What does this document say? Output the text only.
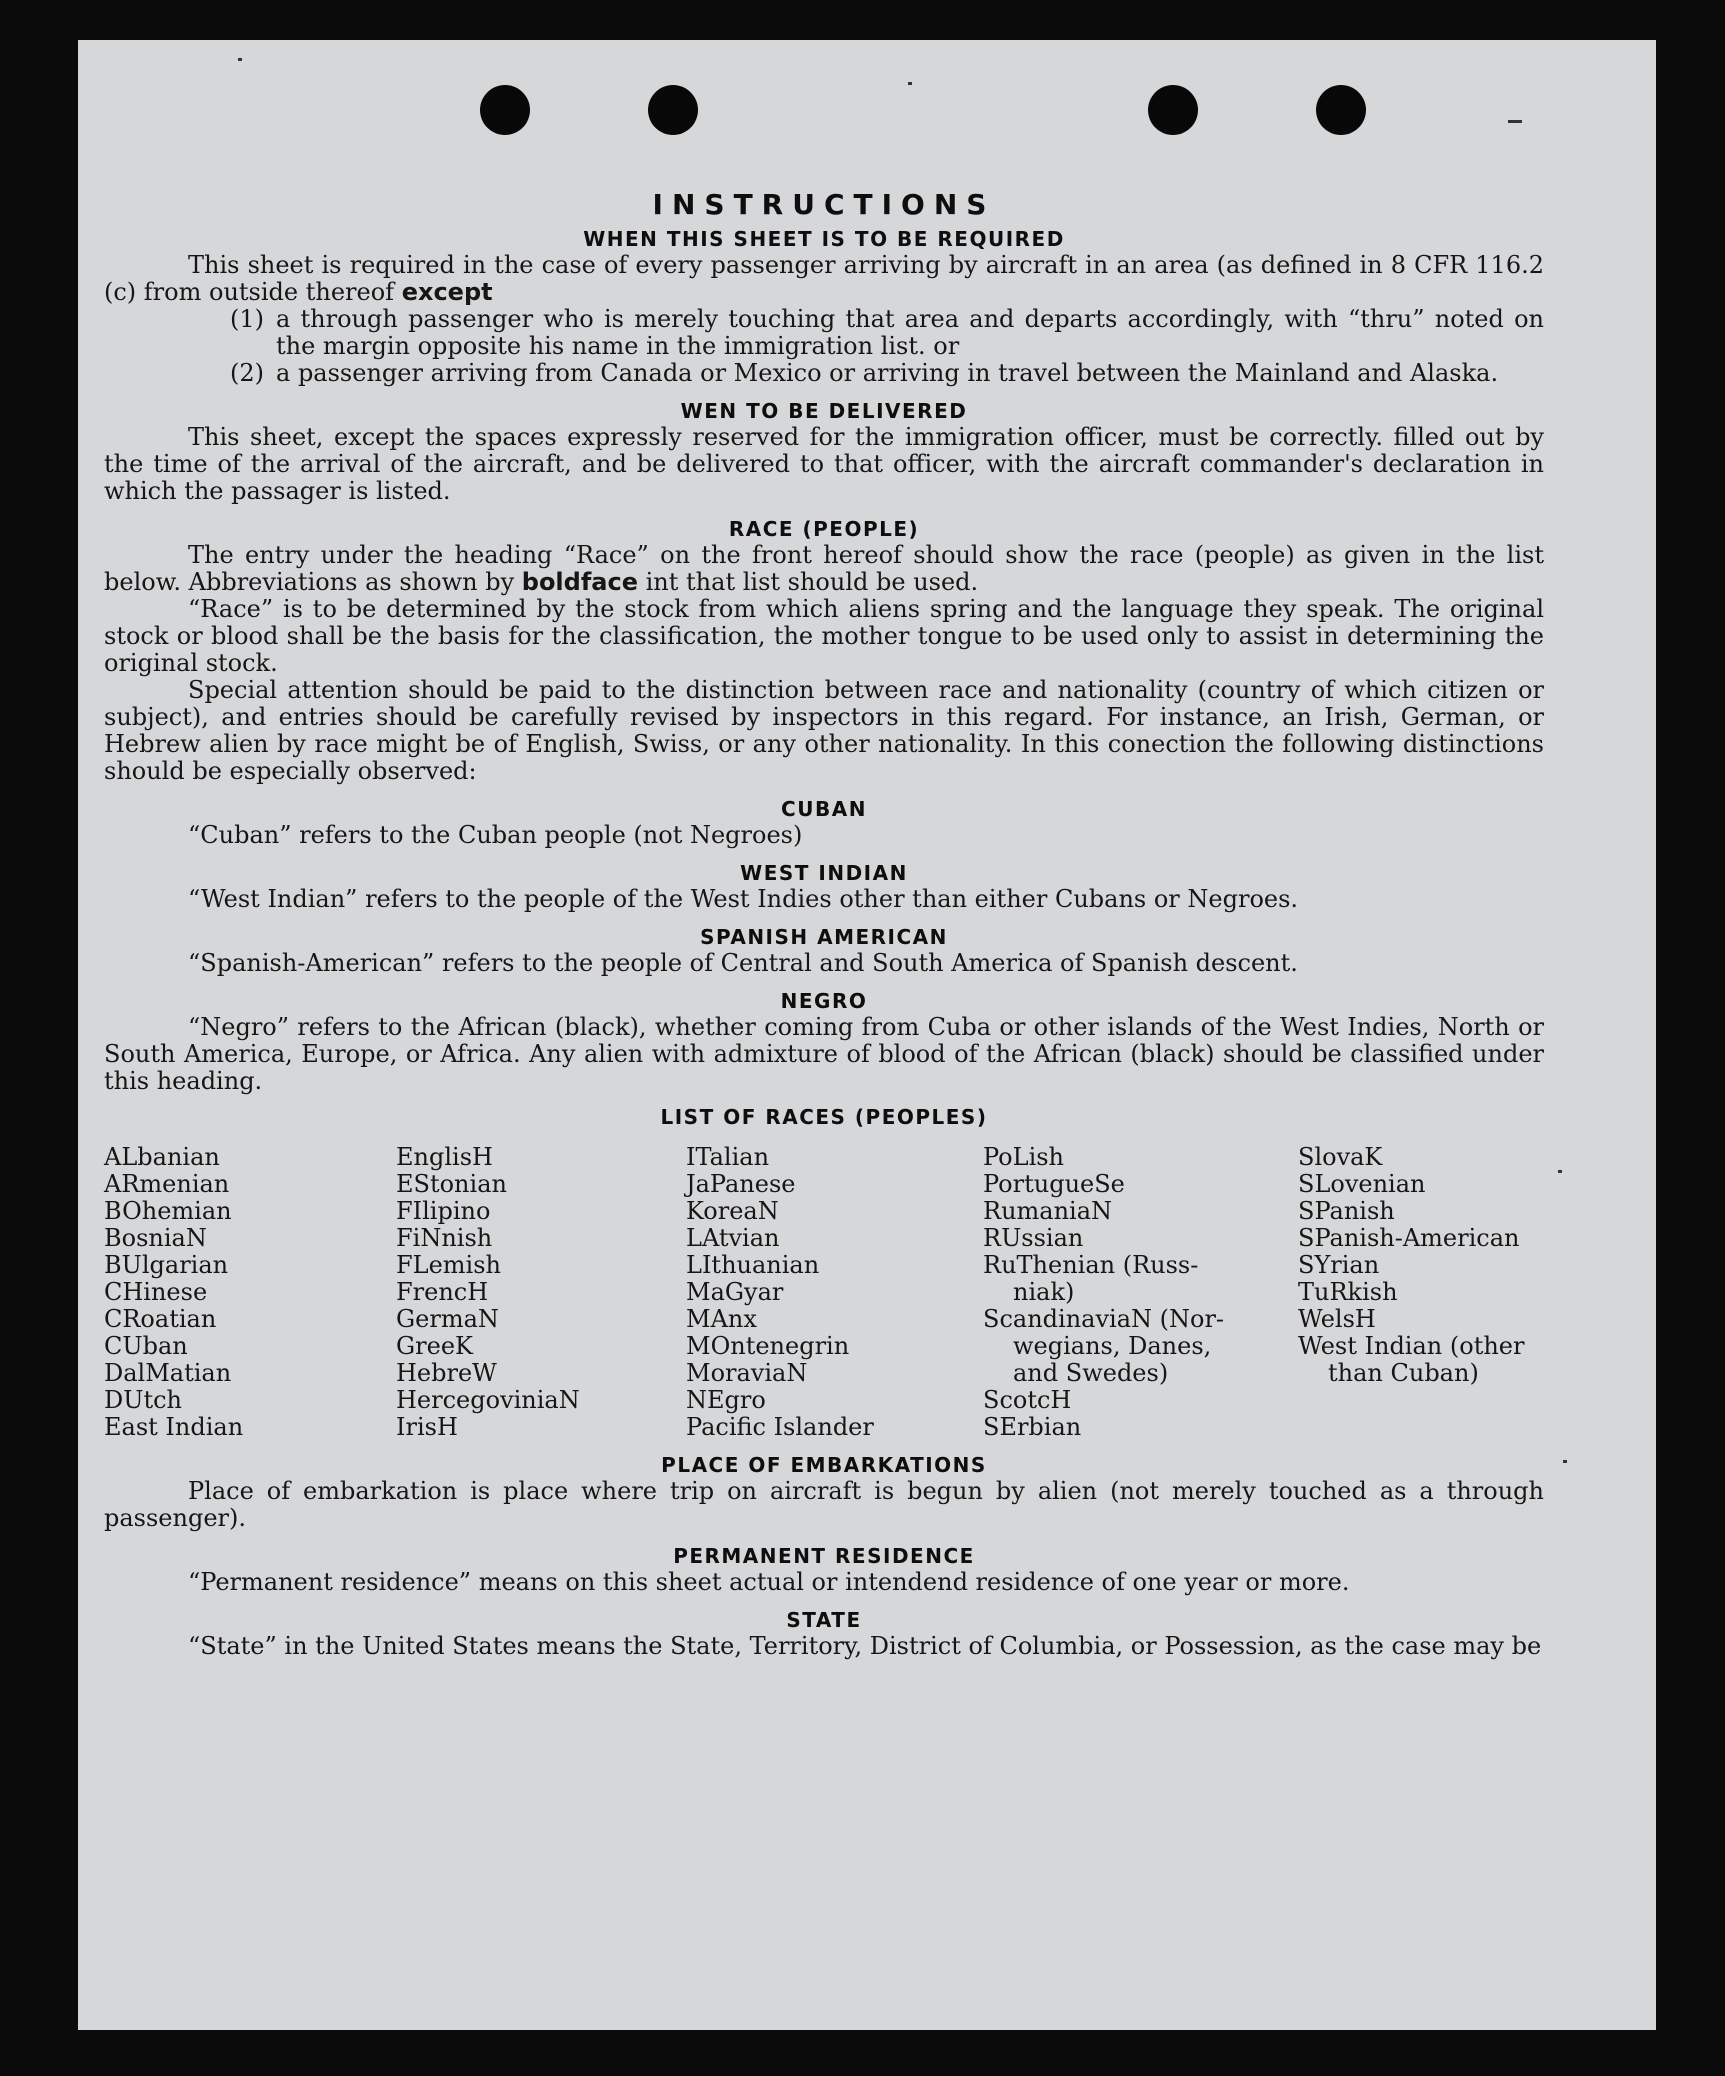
INSTRUCTIONS
WHEN THIS SHEET IS TO BE REQUIRED

This sheet is required in the case of every passenger arriving by aircraft in an area (as defined in 8 CFR 116.2 (c) from outside thereof except

(1) a through passenger who is merely touching that area and departs accordingly, with “thru” noted on the margin opposite his name in the immigration list. or
(2) a passenger arriving from Canada or Mexico or arriving in travel between the Mainland and Alaska.
WEN TO BE DELIVERED

This sheet, except the spaces expressly reserved for the immigration officer, must be correctly. filled out by the time of the arrival of the aircraft, and be delivered to that officer, with the aircraft commander's declaration in which the passager is listed.

RACE (PEOPLE)

The entry under the heading “Race” on the front hereof should show the race (people) as given in the list below. Abbreviations as shown by boldface int that list should be used.

“Race” is to be determined by the stock from which aliens spring and the language they speak. The original stock or blood shall be the basis for the classification, the mother tongue to be used only to assist in determining the original stock.

Special attention should be paid to the distinction between race and nationality (country of which citizen or subject), and entries should be carefully revised by inspectors in this regard. For instance, an Irish, German, or Hebrew alien by race might be of English, Swiss, or any other nationality. In this conection the following distinctions should be especially observed:

CUBAN

“Cuban” refers to the Cuban people (not Negroes)

WEST INDIAN

“West Indian” refers to the people of the West Indies other than either Cubans or Negroes.

SPANISH AMERICAN

“Spanish-American” refers to the people of Central and South America of Spanish descent.

NEGRO

“Negro” refers to the African (black), whether coming from Cuba or other islands of the West Indies, North or South America, Europe, or Africa. Any alien with admixture of blood of the African (black) should be classified under this heading.

LIST OF RACES (PEOPLES)
ALbanian
ARmenian
BOhemian
BosniaN
BUlgarian
CHinese
CRoatian
CUban
DalMatian
DUtch
East Indian
EnglisH
EStonian
FIlipino
FiNnish
FLemish
FrencH
GermaN
GreeK
HebreW
HercegoviniaN
IrisH
ITalian
JaPanese
KoreaN
LAtvian
LIthuanian
MaGyar
MAnx
MOntenegrin
MoraviaN
NEgro
Pacific Islander
PoLish
PortugueSe
RumaniaN
RUssian
RuThenian (Russ-
niak)
ScandinaviaN (Nor-
wegians, Danes,
and Swedes)
ScotcH
SErbian
SlovaK
SLovenian
SPanish
SPanish-American
SYrian
TuRkish
WelsH
West Indian (other
than Cuban)
PLACE OF EMBARKATIONS

Place of embarkation is place where trip on aircraft is begun by alien (not merely touched as a through passenger).

PERMANENT RESIDENCE

“Permanent residence” means on this sheet actual or intendend residence of one year or more.

STATE

“State” in the United States means the State, Territory, District of Columbia, or Possession, as the case may be
